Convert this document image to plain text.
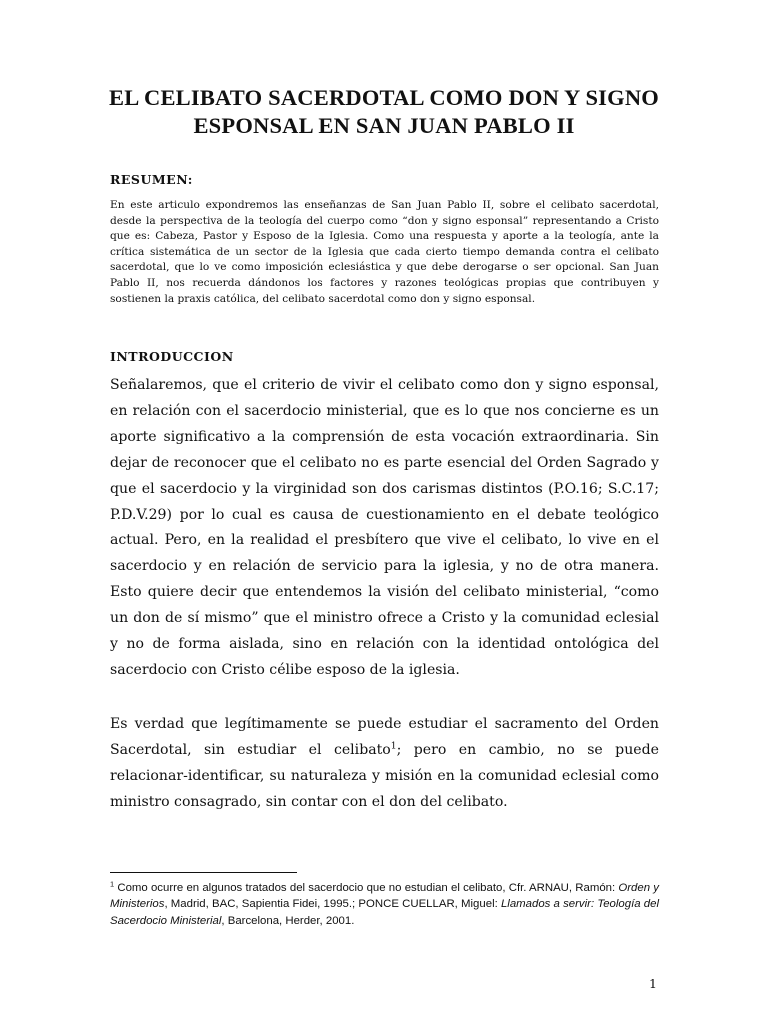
EL CELIBATO SACERDOTAL COMO DON Y SIGNO
ESPONSAL EN SAN JUAN PABLO II
RESUMEN:

En este articulo expondremos las enseñanzas de San Juan Pablo II, sobre el celibato sacerdotal, desde la perspectiva de la teología del cuerpo como “don y signo esponsal” representando a Cristo que es: Cabeza, Pastor y Esposo de la Iglesia. Como una respuesta y aporte a la teología, ante la crítica sistemática de un sector de la Iglesia que cada cierto tiempo demanda contra el celibato sacerdotal, que lo ve como imposición eclesiástica y que debe derogarse o ser opcional. San Juan Pablo II, nos recuerda dándonos los factores y razones teológicas propias que contribuyen y sostienen la praxis católica, del celibato sacerdotal como don y signo esponsal.

INTRODUCCION

Señalaremos, que el criterio de vivir el celibato como don y signo esponsal, en relación con el sacerdocio ministerial, que es lo que nos concierne es un aporte significativo a la comprensión de esta vocación extraordinaria. Sin dejar de reconocer que el celibato no es parte esencial del Orden Sagrado y que el sacerdocio y la virginidad son dos carismas distintos (P.O.16; S.C.17; P.D.V.29) por lo cual es causa de cuestionamiento en el debate teológico actual. Pero, en la realidad el presbítero que vive el celibato, lo vive en el sacerdocio y en relación de servicio para la iglesia, y no de otra manera. Esto quiere decir que entendemos la visión del celibato ministerial, “como un don de sí mismo” que el ministro ofrece a Cristo y la comunidad eclesial y no de forma aislada, sino en relación con la identidad ontológica del sacerdocio con Cristo célibe esposo de la iglesia.

Es verdad que legítimamente se puede estudiar el sacramento del Orden Sacerdotal, sin estudiar el celibato$^1$; pero en cambio, no se puede relacionar-identificar, su naturaleza y misión en la comunidad eclesial como ministro consagrado, sin contar con el don del celibato.

$^1$ Como ocurre en algunos tratados del sacerdocio que no estudian el celibato, Cfr. ARNAU, Ramón: Orden y Ministerios, Madrid, BAC, Sapientia Fidei, 1995.; PONCE CUELLAR, Miguel: Llamados a servir: Teología del Sacerdocio Ministerial, Barcelona, Herder, 2001.

1
